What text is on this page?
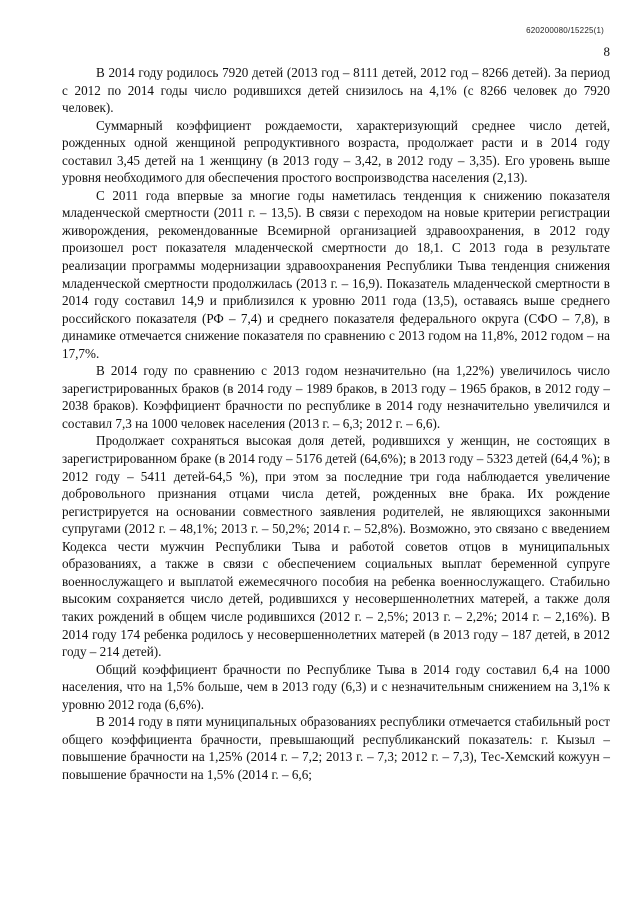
620200080/15225(1)
8

В 2014 году родилось 7920 детей (2013 год – 8111 детей, 2012 год – 8266 детей). За период с 2012 по 2014 годы число родившихся детей снизилось на 4,1% (с 8266 человек до 7920 человек).

Суммарный коэффициент рождаемости, характеризующий среднее число детей, рожденных одной женщиной репродуктивного возраста, продолжает расти и в 2014 году составил 3,45 детей на 1 женщину (в 2013 году – 3,42, в 2012 году – 3,35). Его уровень выше уровня необходимого для обеспечения простого воспроизводства населения (2,13).

С 2011 года впервые за многие годы наметилась тенденция к снижению показателя младенческой смертности (2011 г. – 13,5). В связи с переходом на новые критерии регистрации живорождения, рекомендованные Всемирной организацией здравоохранения, в 2012 году произошел рост показателя младенческой смертности до 18,1. С 2013 года в результате реализации программы модернизации здравоохранения Республики Тыва тенденция снижения младенческой смертности продолжилась (2013 г. – 16,9). Показатель младенческой смертности в 2014 году составил 14,9 и приблизился к уровню 2011 года (13,5), оставаясь выше среднего российского показателя (РФ – 7,4) и среднего показателя федерального округа (СФО – 7,8), в динамике отмечается снижение показателя по сравнению с 2013 годом на 11,8%, 2012 годом – на 17,7%.

В 2014 году по сравнению с 2013 годом незначительно (на 1,22%) увеличилось число зарегистрированных браков (в 2014 году – 1989 браков, в 2013 году – 1965 браков, в 2012 году – 2038 браков). Коэффициент брачности по республике в 2014 году незначительно увеличился и составил 7,3 на 1000 человек населения (2013 г. – 6,3; 2012 г. – 6,6).

Продолжает сохраняться высокая доля детей, родившихся у женщин, не состоящих в зарегистрированном браке (в 2014 году – 5176 детей (64,6%); в 2013 году – 5323 детей (64,4 %); в 2012 году – 5411 детей-64,5 %), при этом за последние три года наблюдается увеличение добровольного признания отцами числа детей, рожденных вне брака. Их рождение регистрируется на основании совместного заявления родителей, не являющихся законными супругами (2012 г. – 48,1%; 2013 г. – 50,2%; 2014 г. – 52,8%). Возможно, это связано с введением Кодекса чести мужчин Республики Тыва и работой советов отцов в муниципальных образованиях, а также в связи с обеспечением социальных выплат беременной супруге военнослужащего и выплатой ежемесячного пособия на ребенка военнослужащего. Стабильно высоким сохраняется число детей, родившихся у несовершеннолетних матерей, а также доля таких рождений в общем числе родившихся (2012 г. – 2,5%; 2013 г. – 2,2%; 2014 г. – 2,16%). В 2014 году 174 ребенка родилось у несовершеннолетних матерей (в 2013 году – 187 детей, в 2012 году – 214 детей).

Общий коэффициент брачности по Республике Тыва в 2014 году составил 6,4 на 1000 населения, что на 1,5% больше, чем в 2013 году (6,3) и с незначительным снижением на 3,1% к уровню 2012 года (6,6%).

В 2014 году в пяти муниципальных образованиях республики отмечается стабильный рост общего коэффициента брачности, превышающий республиканский показатель: г. Кызыл – повышение брачности на 1,25% (2014 г. – 7,2; 2013 г. – 7,3; 2012 г. – 7,3), Тес-Хемский кожуун – повышение брачности на 1,5% (2014 г. – 6,6;
